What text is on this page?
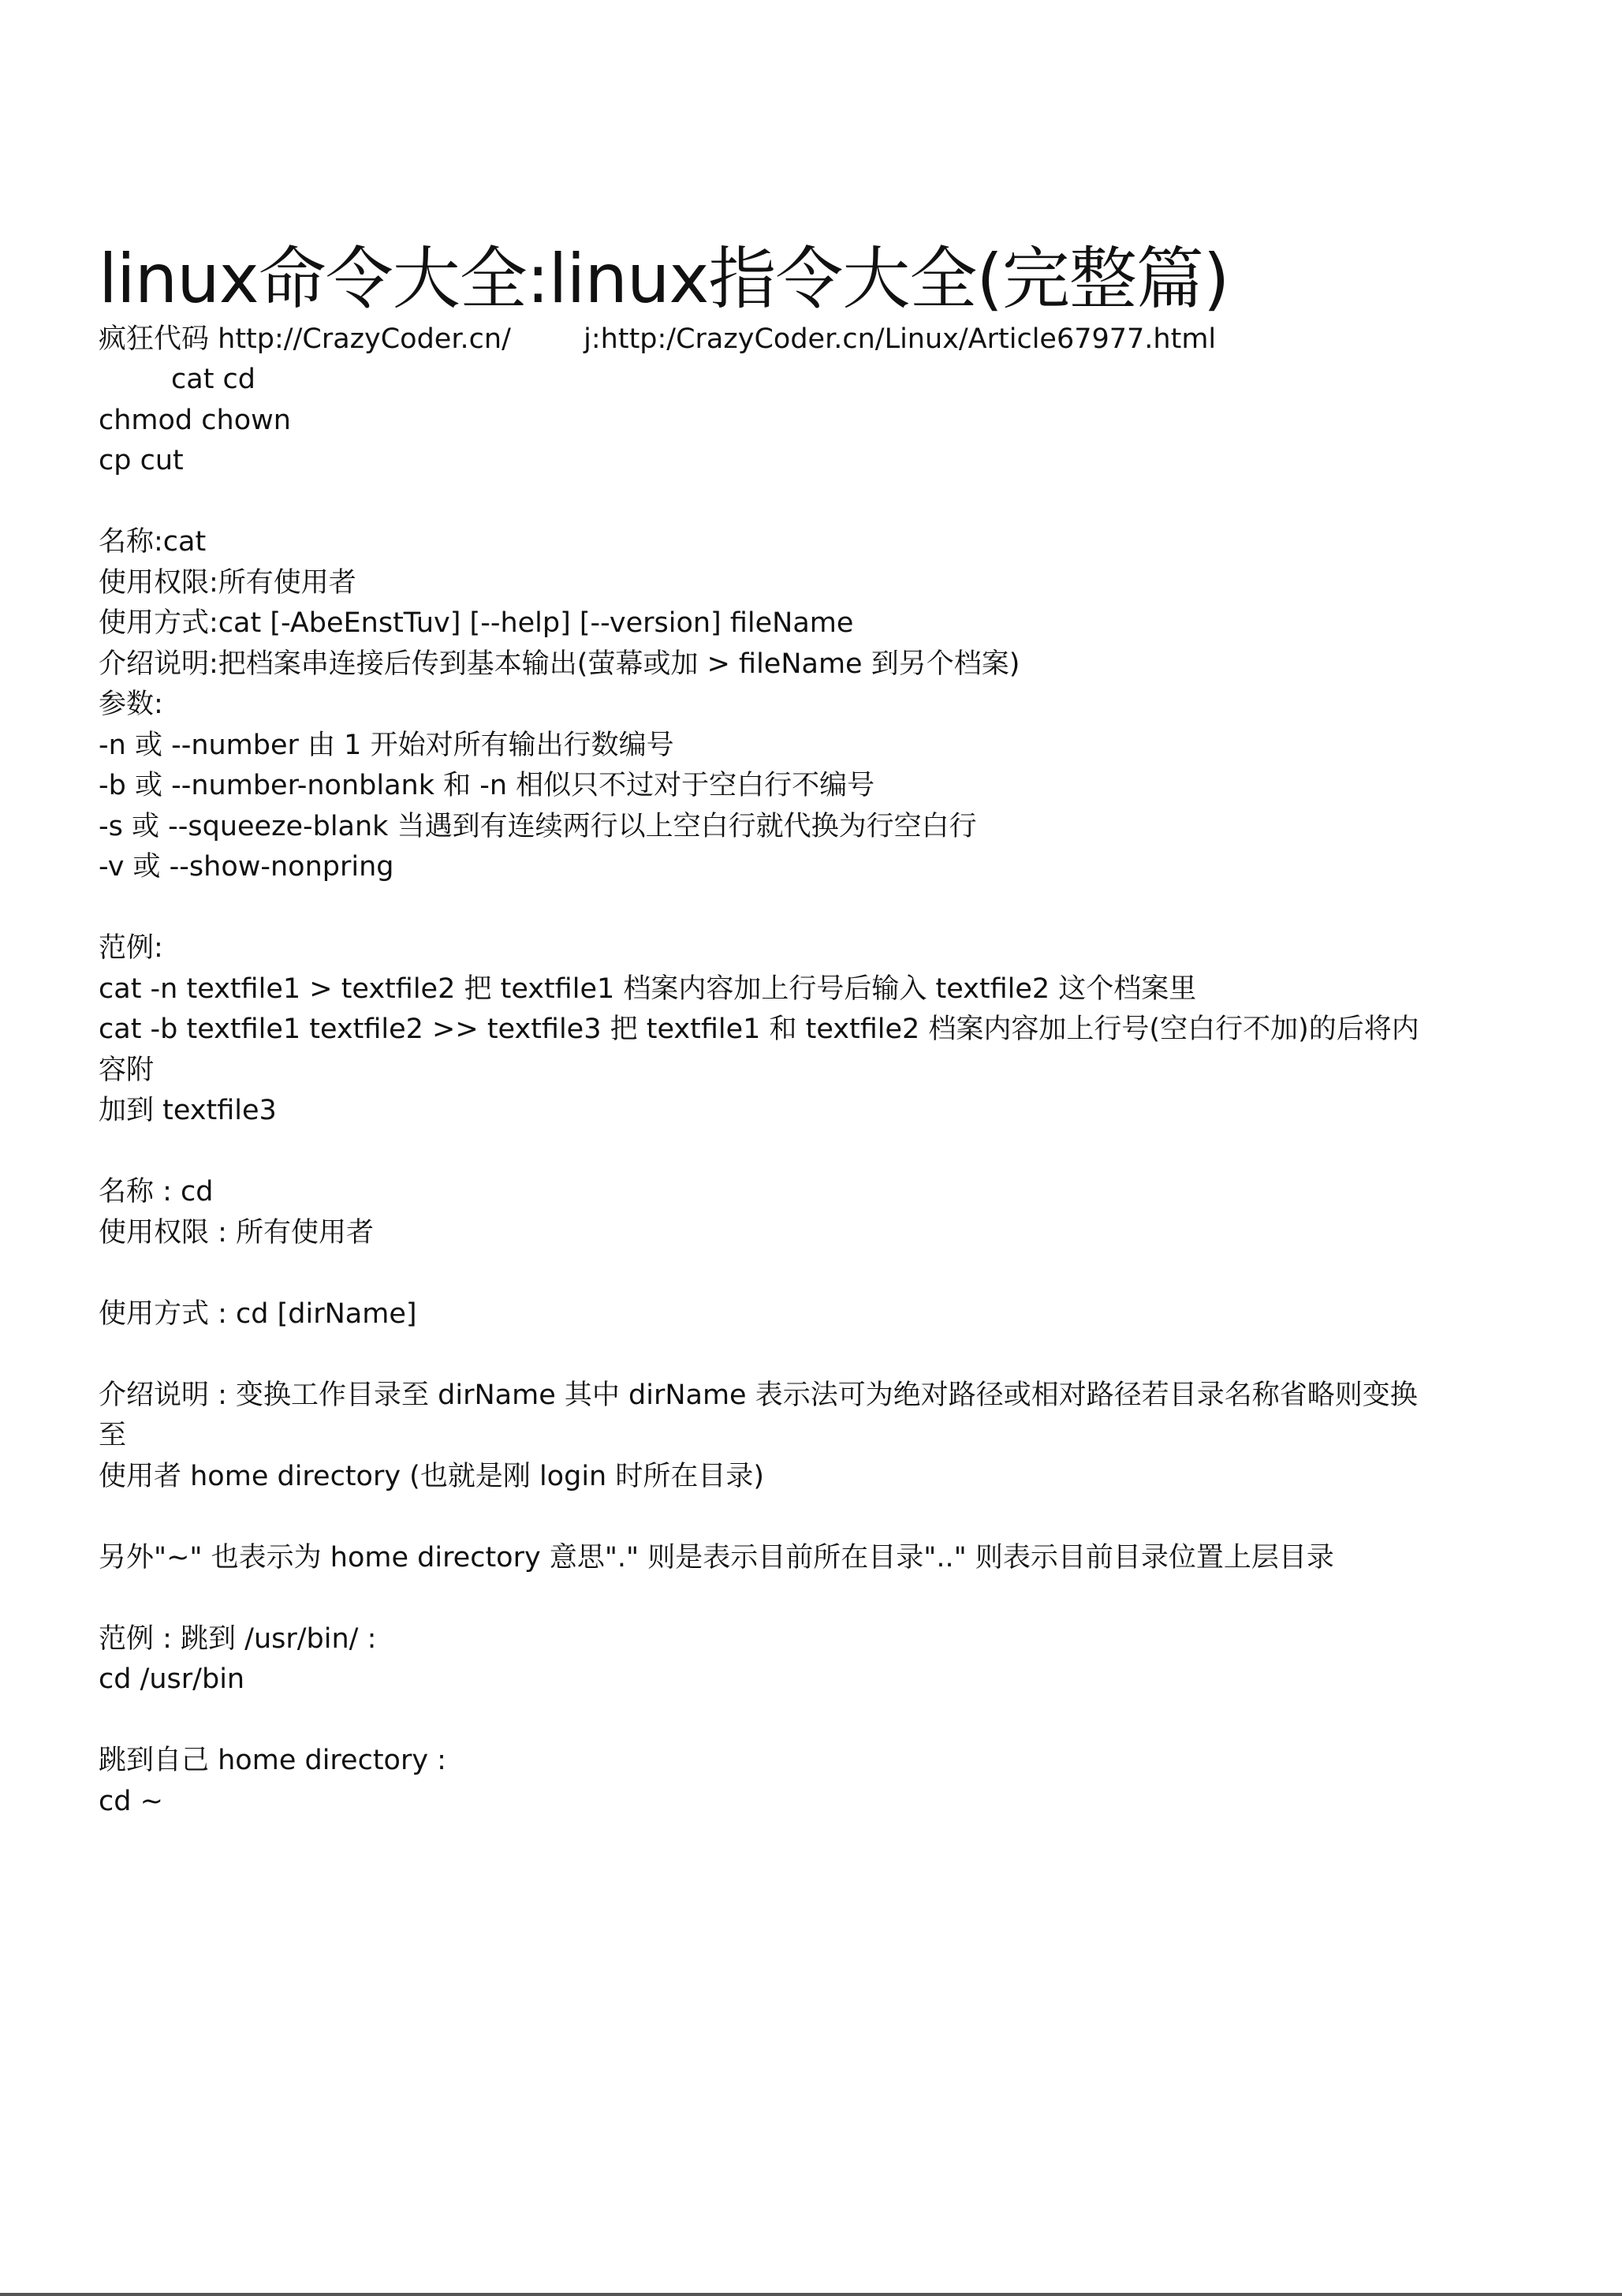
linux命令大全:linux指令大全(完整篇)
疯狂代码 http://CrazyCoder.cn/	j:http:/CrazyCoder.cn/Linux/Article67977.html
cat cd
chmod chown
cp cut
名称:cat
使用权限:所有使用者
使用方式:cat [-AbeEnstTuv] [--help] [--version] fileName
介绍说明:把档案串连接后传到基本输出(萤幕或加 > fileName 到另个档案)
参数:
-n 或 --number 由 1 开始对所有输出行数编号
-b 或 --number-nonblank 和 -n 相似只不过对于空白行不编号
-s 或 --squeeze-blank 当遇到有连续两行以上空白行就代换为行空白行
-v 或 --show-nonpring
范例:
cat -n textfile1 > textfile2 把 textfile1 档案内容加上行号后输入 textfile2 这个档案里
cat -b textfile1 textfile2 >> textfile3 把 textfile1 和 textfile2 档案内容加上行号(空白行不加)的后将内容附
加到 textfile3
名称 : cd
使用权限 : 所有使用者
使用方式 : cd [dirName]
介绍说明 : 变换工作目录至 dirName 其中 dirName 表示法可为绝对路径或相对路径若目录名称省略则变换至
使用者 home directory (也就是刚 login 时所在目录)
另外"~" 也表示为 home directory 意思"." 则是表示目前所在目录".." 则表示目前目录位置上层目录
范例 : 跳到 /usr/bin/ :
cd /usr/bin
跳到自己 home directory :
cd ~
